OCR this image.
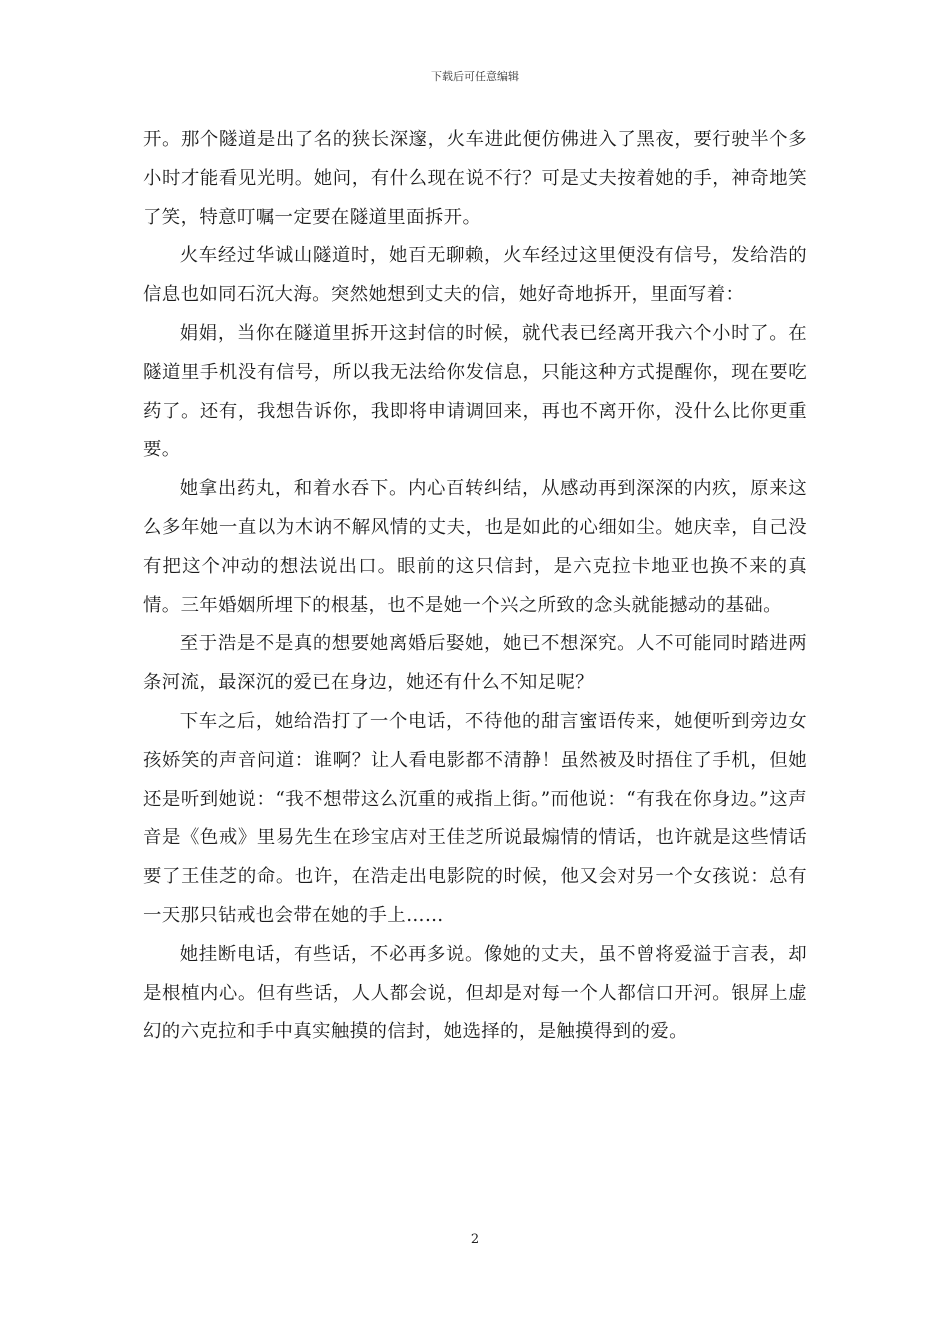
下载后可任意编辑

开。那个隧道是出了名的狭长深邃，火车进此便仿佛进入了黑夜，要行驶半个多小时才能看见光明。她问，有什么现在说不行？可是丈夫按着她的手，神奇地笑了笑，特意叮嘱一定要在隧道里面拆开。

火车经过华诚山隧道时，她百无聊赖，火车经过这里便没有信号，发给浩的信息也如同石沉大海。突然她想到丈夫的信，她好奇地拆开，里面写着：

娟娟，当你在隧道里拆开这封信的时候，就代表已经离开我六个小时了。在隧道里手机没有信号，所以我无法给你发信息，只能这种方式提醒你，现在要吃药了。还有，我想告诉你，我即将申请调回来，再也不离开你，没什么比你更重要。

她拿出药丸，和着水吞下。内心百转纠结，从感动再到深深的内疚，原来这么多年她一直以为木讷不解风情的丈夫，也是如此的心细如尘。她庆幸，自己没有把这个冲动的想法说出口。眼前的这只信封，是六克拉卡地亚也换不来的真情。三年婚姻所埋下的根基，也不是她一个兴之所致的念头就能撼动的基础。

至于浩是不是真的想要她离婚后娶她，她已不想深究。人不可能同时踏进两条河流，最深沉的爱已在身边，她还有什么不知足呢？

下车之后，她给浩打了一个电话，不待他的甜言蜜语传来，她便听到旁边女孩娇笑的声音问道：谁啊？让人看电影都不清静！虽然被及时捂住了手机，但她还是听到她说：“我不想带这么沉重的戒指上街。”而他说：“有我在你身边。”这声音是《色戒》里易先生在珍宝店对王佳芝所说最煽情的情话，也许就是这些情话要了王佳芝的命。也许，在浩走出电影院的时候，他又会对另一个女孩说：总有一天那只钻戒也会带在她的手上……

她挂断电话，有些话，不必再多说。像她的丈夫，虽不曾将爱溢于言表，却是根植内心。但有些话，人人都会说，但却是对每一个人都信口开河。银屏上虚幻的六克拉和手中真实触摸的信封，她选择的，是触摸得到的爱。

2
